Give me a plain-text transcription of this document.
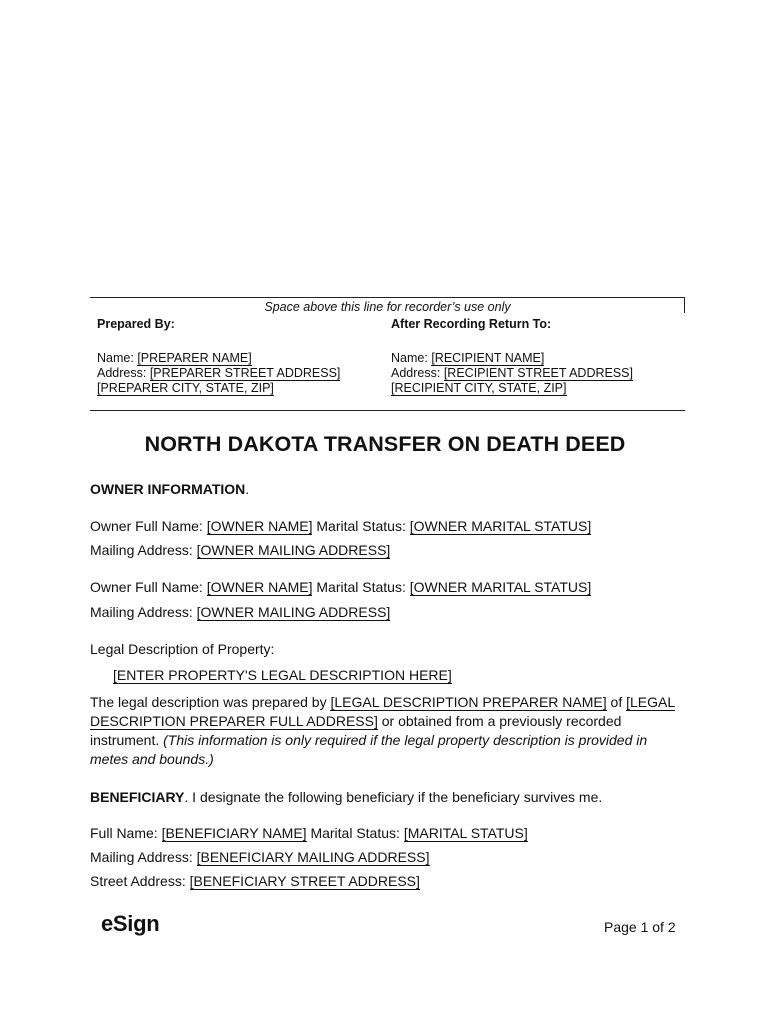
Space above this line for recorder’s use only
Prepared By:	After Recording Return To:
Name: [PREPARER NAME]
Address: [PREPARER STREET ADDRESS]
[PREPARER CITY, STATE, ZIP]
Name: [RECIPIENT NAME]
Address: [RECIPIENT STREET ADDRESS]
[RECIPIENT CITY, STATE, ZIP]
NORTH DAKOTA TRANSFER ON DEATH DEED
OWNER INFORMATION.
Owner Full Name: [OWNER NAME] Marital Status: [OWNER MARITAL STATUS]
Mailing Address: [OWNER MAILING ADDRESS]
Owner Full Name: [OWNER NAME] Marital Status: [OWNER MARITAL STATUS]
Mailing Address: [OWNER MAILING ADDRESS]
Legal Description of Property:
[ENTER PROPERTY'S LEGAL DESCRIPTION HERE]
The legal description was prepared by [LEGAL DESCRIPTION PREPARER NAME] of [LEGAL DESCRIPTION PREPARER FULL ADDRESS] or obtained from a previously recorded instrument. (This information is only required if the legal property description is provided in metes and bounds.)
BENEFICIARY. I designate the following beneficiary if the beneficiary survives me.
Full Name: [BENEFICIARY NAME] Marital Status: [MARITAL STATUS]
Mailing Address: [BENEFICIARY MAILING ADDRESS]
Street Address: [BENEFICIARY STREET ADDRESS]
eSign	Page 1 of 2
